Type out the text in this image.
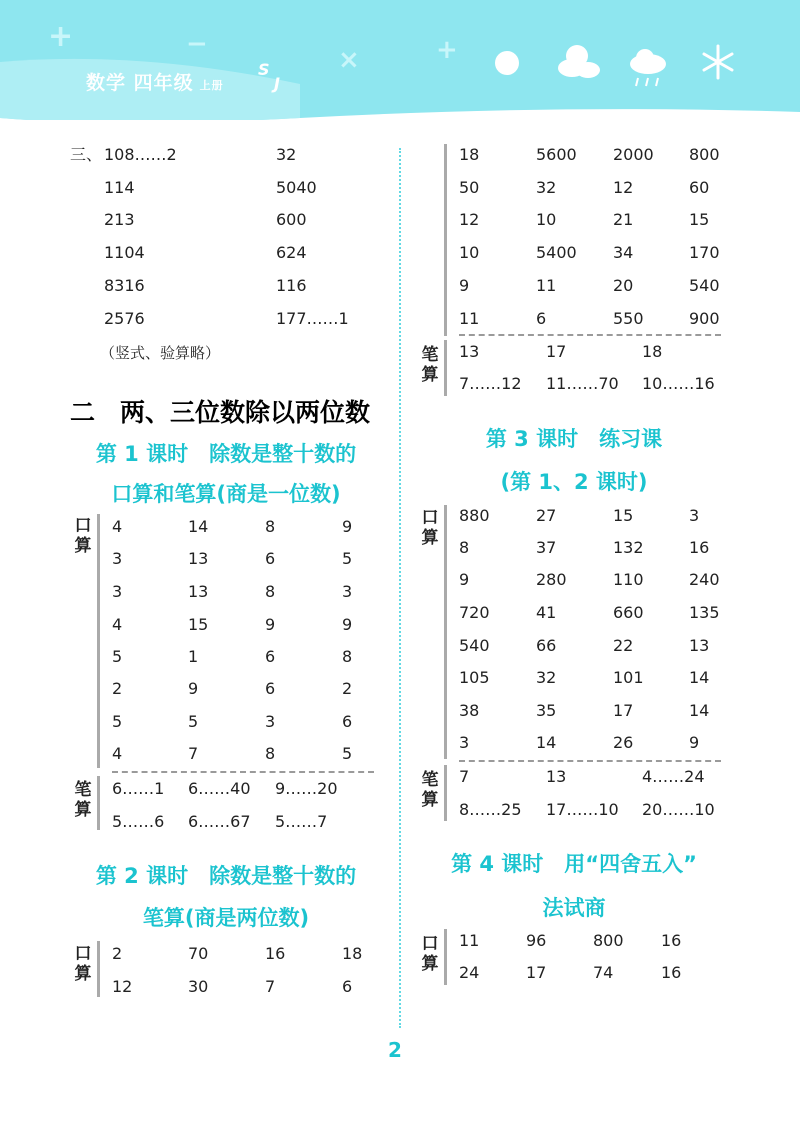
+	−
×	+
数学 四年级 上册
S
J
三、 108……2	32
114	5040
213	600
1104	624
8316	116
2576	177……1
（竖式、验算略）
二　两、三位数除以两位数
第 1 课时　除数是整十数的
口算和笔算(商是一位数)
口算
4	14	8	9
3	13	6	5
3	13	8	3
4	15	9	9
5	1	6	8
2	9	6	2
5	5	3	6
4	7	8	5
笔算
6……1 6……40 9……20
5……6 6……67 5……7
第 2 课时　除数是整十数的
笔算(商是两位数)
口算
2	70	16	18
12	30	7	6
18	5600 2000 800
50	32	12	60
12	10	21	15
10	5400 34	170
9	11	20	540
11	6	550	900
笔算
13	17	18
7……12 11……70 10……16
第 3 课时　练习课
(第 1、2 课时)
口算
880	27	15	3
8	37	132	16
9	280	110	240
720	41	660	135
540	66	22	13
105	32	101	14
38	35	17	14
3	14	26	9
笔算
7	13	4……24
8……25 17……10 20……10
第 4 课时　用“四舍五入”
法试商
口算
11	96	800 16
24	17	74	16
2
